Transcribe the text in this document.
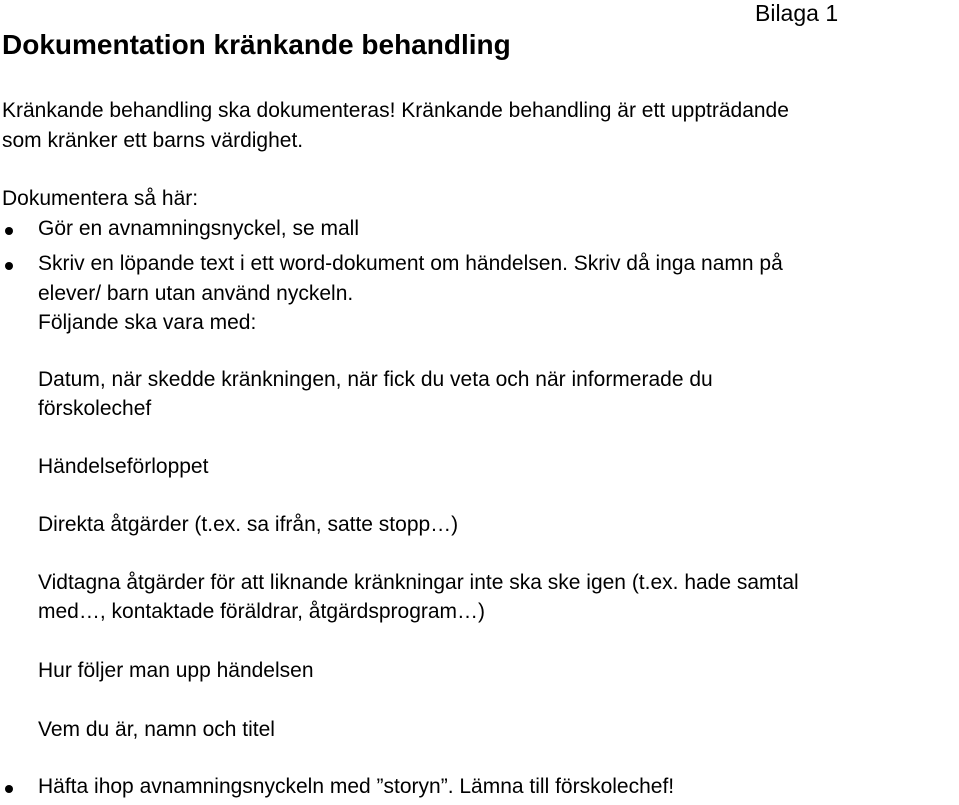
Bilaga 1
Dokumentation kränkande behandling
Kränkande behandling ska dokumenteras! Kränkande behandling är ett uppträdande
som kränker ett barns värdighet.
Dokumentera så här:
Gör en avnamningsnyckel, se mall
Skriv en löpande text i ett word-dokument om händelsen. Skriv då inga namn på
elever/ barn utan använd nyckeln.
Följande ska vara med:
Datum, när skedde kränkningen, när fick du veta och när informerade du
förskolechef
Händelseförloppet
Direkta åtgärder (t.ex. sa ifrån, satte stopp…)
Vidtagna åtgärder för att liknande kränkningar inte ska ske igen (t.ex. hade samtal
med…, kontaktade föräldrar, åtgärdsprogram…)
Hur följer man upp händelsen
Vem du är, namn och titel
Häfta ihop avnamningsnyckeln med ”storyn”. Lämna till förskolechef!
